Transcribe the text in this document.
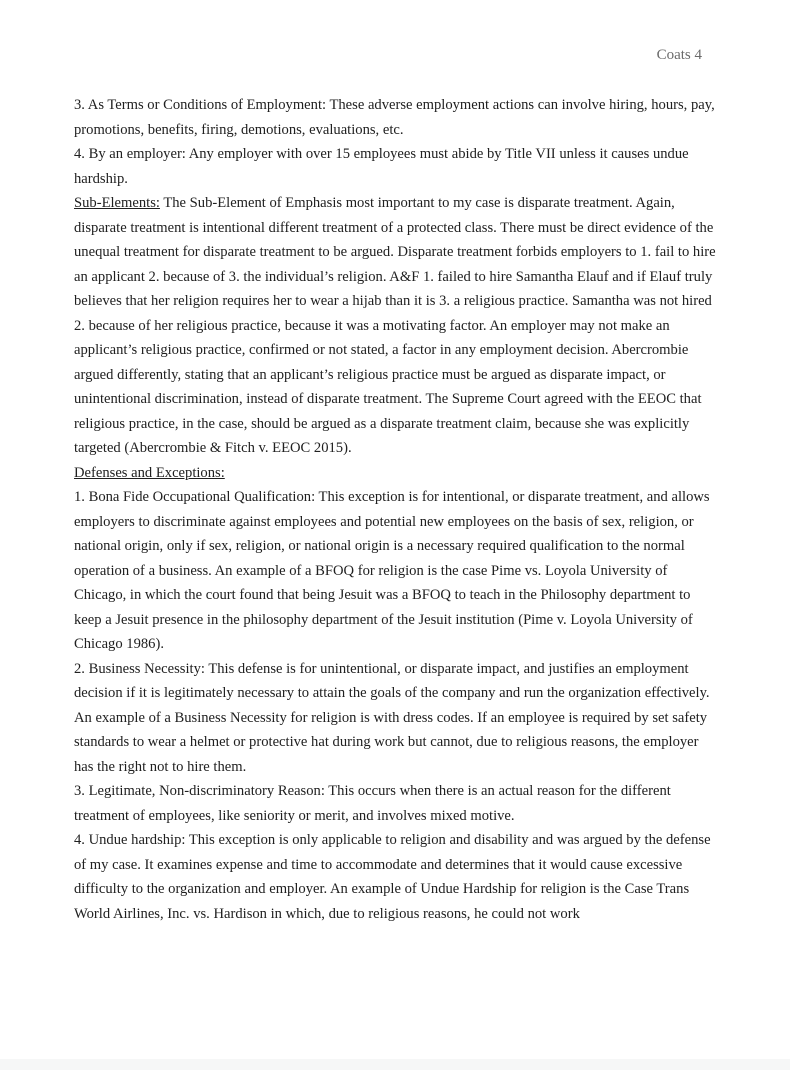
Coats 4

3. As Terms or Conditions of Employment: These adverse employment actions can involve hiring, hours, pay, promotions, benefits, firing, demotions, evaluations, etc.

4. By an employer: Any employer with over 15 employees must abide by Title VII unless it causes undue hardship.

Sub-Elements: The Sub-Element of Emphasis most important to my case is disparate treatment. Again, disparate treatment is intentional different treatment of a protected class. There must be direct evidence of the unequal treatment for disparate treatment to be argued. Disparate treatment forbids employers to 1. fail to hire an applicant 2. because of 3. the individual’s religion. A&F 1. failed to hire Samantha Elauf and if Elauf truly believes that her religion requires her to wear a hijab than it is 3. a religious practice. Samantha was not hired 2. because of her religious practice, because it was a motivating factor. An employer may not make an applicant’s religious practice, confirmed or not stated, a factor in any employment decision. Abercrombie argued differently, stating that an applicant’s religious practice must be argued as disparate impact, or unintentional discrimination, instead of disparate treatment. The Supreme Court agreed with the EEOC that religious practice, in the case, should be argued as a disparate treatment claim, because she was explicitly targeted (Abercrombie & Fitch v. EEOC 2015).

Defenses and Exceptions:

1. Bona Fide Occupational Qualification: This exception is for intentional, or disparate treatment, and allows employers to discriminate against employees and potential new employees on the basis of sex, religion, or national origin, only if sex, religion, or national origin is a necessary required qualification to the normal operation of a business. An example of a BFOQ for religion is the case Pime vs. Loyola University of Chicago, in which the court found that being Jesuit was a BFOQ to teach in the Philosophy department to keep a Jesuit presence in the philosophy department of the Jesuit institution (Pime v. Loyola University of Chicago 1986).

2. Business Necessity: This defense is for unintentional, or disparate impact, and justifies an employment decision if it is legitimately necessary to attain the goals of the company and run the organization effectively. An example of a Business Necessity for religion is with dress codes. If an employee is required by set safety standards to wear a helmet or protective hat during work but cannot, due to religious reasons, the employer has the right not to hire them.

3. Legitimate, Non-discriminatory Reason: This occurs when there is an actual reason for the different treatment of employees, like seniority or merit, and involves mixed motive.

4. Undue hardship: This exception is only applicable to religion and disability and was argued by the defense of my case. It examines expense and time to accommodate and determines that it would cause excessive difficulty to the organization and employer. An example of Undue Hardship for religion is the Case Trans World Airlines, Inc. vs. Hardison in which, due to religious reasons, he could not work
